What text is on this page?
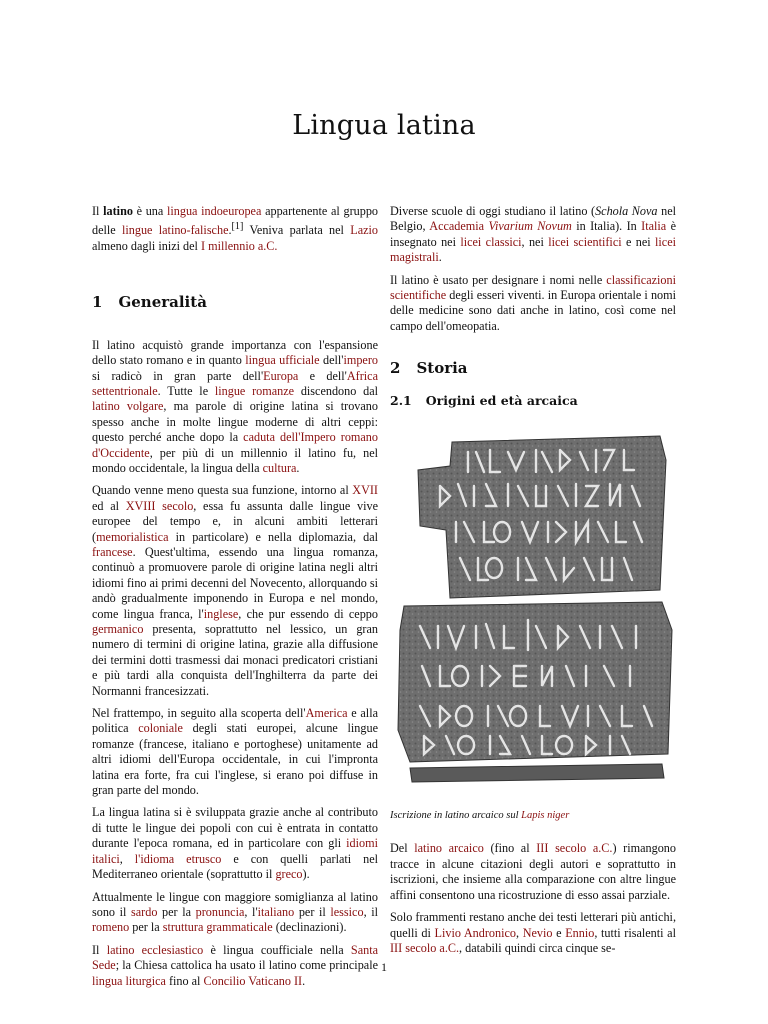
Lingua latina

Il latino è una lingua indoeuropea appartenente al gruppo delle lingue latino-falische.[1] Veniva parlata nel Lazio almeno dagli inizi del I millennio a.C.

1 Generalità

Il latino acquistò grande importanza con l'espansione dello stato romano e in quanto lingua ufficiale dell'impero si radicò in gran parte dell'Europa e dell'Africa settentrionale. Tutte le lingue romanze discendono dal latino volgare, ma parole di origine latina si trovano spesso anche in molte lingue moderne di altri ceppi: questo perché anche dopo la caduta dell'Impero romano d'Occidente, per più di un millennio il latino fu, nel mondo occidentale, la lingua della cultura.

Quando venne meno questa sua funzione, intorno al XVII ed al XVIII secolo, essa fu assunta dalle lingue vive europee del tempo e, in alcuni ambiti letterari (memorialistica in particolare) e nella diplomazia, dal francese. Quest'ultima, essendo una lingua romanza, continuò a promuovere parole di origine latina negli altri idiomi fino ai primi decenni del Novecento, allorquando si andò gradualmente imponendo in Europa e nel mondo, come lingua franca, l'inglese, che pur essendo di ceppo germanico presenta, soprattutto nel lessico, un gran numero di termini di origine latina, grazie alla diffusione dei termini dotti trasmessi dai monaci predicatori cristiani e più tardi alla conquista dell'Inghilterra da parte dei Normanni francesizzati.

Nel frattempo, in seguito alla scoperta dell'America e alla politica coloniale degli stati europei, alcune lingue romanze (francese, italiano e portoghese) unitamente ad altri idiomi dell'Europa occidentale, in cui l'impronta latina era forte, fra cui l'inglese, si erano poi diffuse in gran parte del mondo.

La lingua latina si è sviluppata grazie anche al contributo di tutte le lingue dei popoli con cui è entrata in contatto durante l'epoca romana, ed in particolare con gli idiomi italici, l'idioma etrusco e con quelli parlati nel Mediterraneo orientale (soprattutto il greco).

Attualmente le lingue con maggiore somiglianza al latino sono il sardo per la pronuncia, l'italiano per il lessico, il romeno per la struttura grammaticale (declinazioni).

Il latino ecclesiastico è lingua coufficiale nella Santa Sede; la Chiesa cattolica ha usato il latino come principale lingua liturgica fino al Concilio Vaticano II.

Diverse scuole di oggi studiano il latino (Schola Nova nel Belgio, Accademia Vivarium Novum in Italia). In Italia è insegnato nei licei classici, nei licei scientifici e nei licei magistrali.

Il latino è usato per designare i nomi nelle classificazioni scientifiche degli esseri viventi. in Europa orientale i nomi delle medicine sono dati anche in latino, così come nel campo dell'omeopatia.

2 Storia
2.1 Origini ed età arcaica
Iscrizione in latino arcaico sul Lapis niger

Del latino arcaico (fino al III secolo a.C.) rimangono tracce in alcune citazioni degli autori e soprattutto in iscrizioni, che insieme alla comparazione con altre lingue affini consentono una ricostruzione di esso assai parziale.

Solo frammenti restano anche dei testi letterari più antichi, quelli di Livio Andronico, Nevio e Ennio, tutti risalenti al III secolo a.C., databili quindi circa cinque se-

1
